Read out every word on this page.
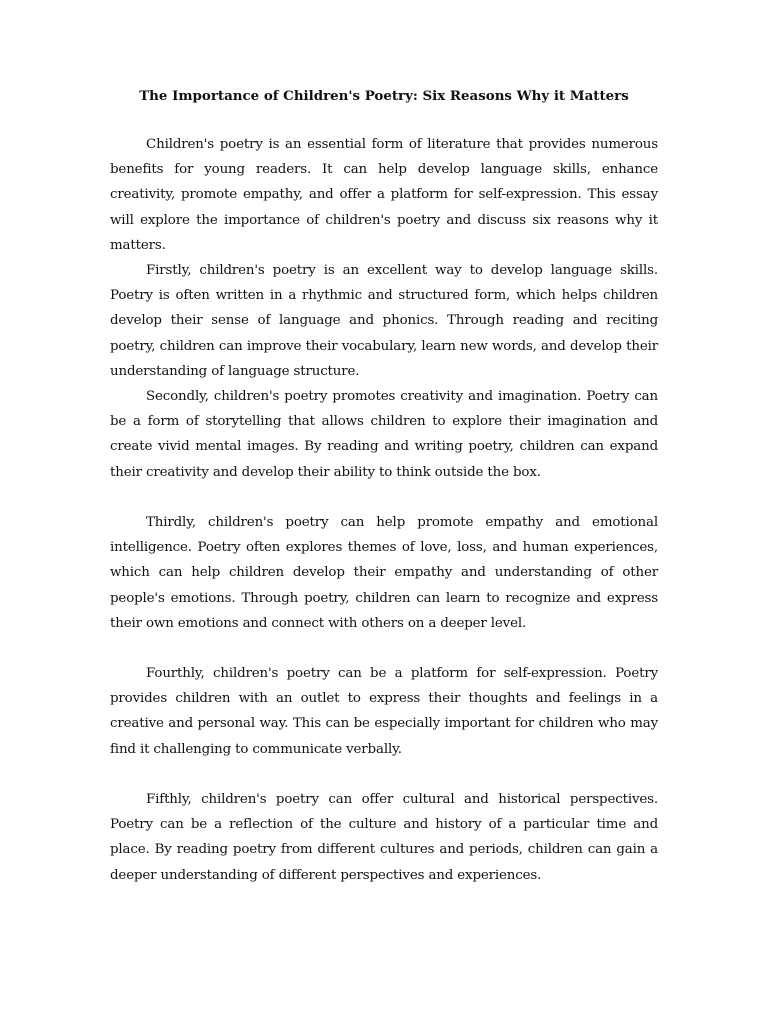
The Importance of Children's Poetry: Six Reasons Why it Matters

Children's poetry is an essential form of literature that provides numerous benefits for young readers. It can help develop language skills, enhance creativity, promote empathy, and offer a platform for self-expression. This essay will explore the importance of children's poetry and discuss six reasons why it matters.

Firstly, children's poetry is an excellent way to develop language skills. Poetry is often written in a rhythmic and structured form, which helps children develop their sense of language and phonics. Through reading and reciting poetry, children can improve their vocabulary, learn new words, and develop their understanding of language structure.

Secondly, children's poetry promotes creativity and imagination. Poetry can be a form of storytelling that allows children to explore their imagination and create vivid mental images. By reading and writing poetry, children can expand their creativity and develop their ability to think outside the box.

Thirdly, children's poetry can help promote empathy and emotional intelligence. Poetry often explores themes of love, loss, and human experiences, which can help children develop their empathy and understanding of other people's emotions. Through poetry, children can learn to recognize and express their own emotions and connect with others on a deeper level.

Fourthly, children's poetry can be a platform for self-expression. Poetry provides children with an outlet to express their thoughts and feelings in a creative and personal way. This can be especially important for children who may find it challenging to communicate verbally.

Fifthly, children's poetry can offer cultural and historical perspectives. Poetry can be a reflection of the culture and history of a particular time and place. By reading poetry from different cultures and periods, children can gain a deeper understanding of different perspectives and experiences.
